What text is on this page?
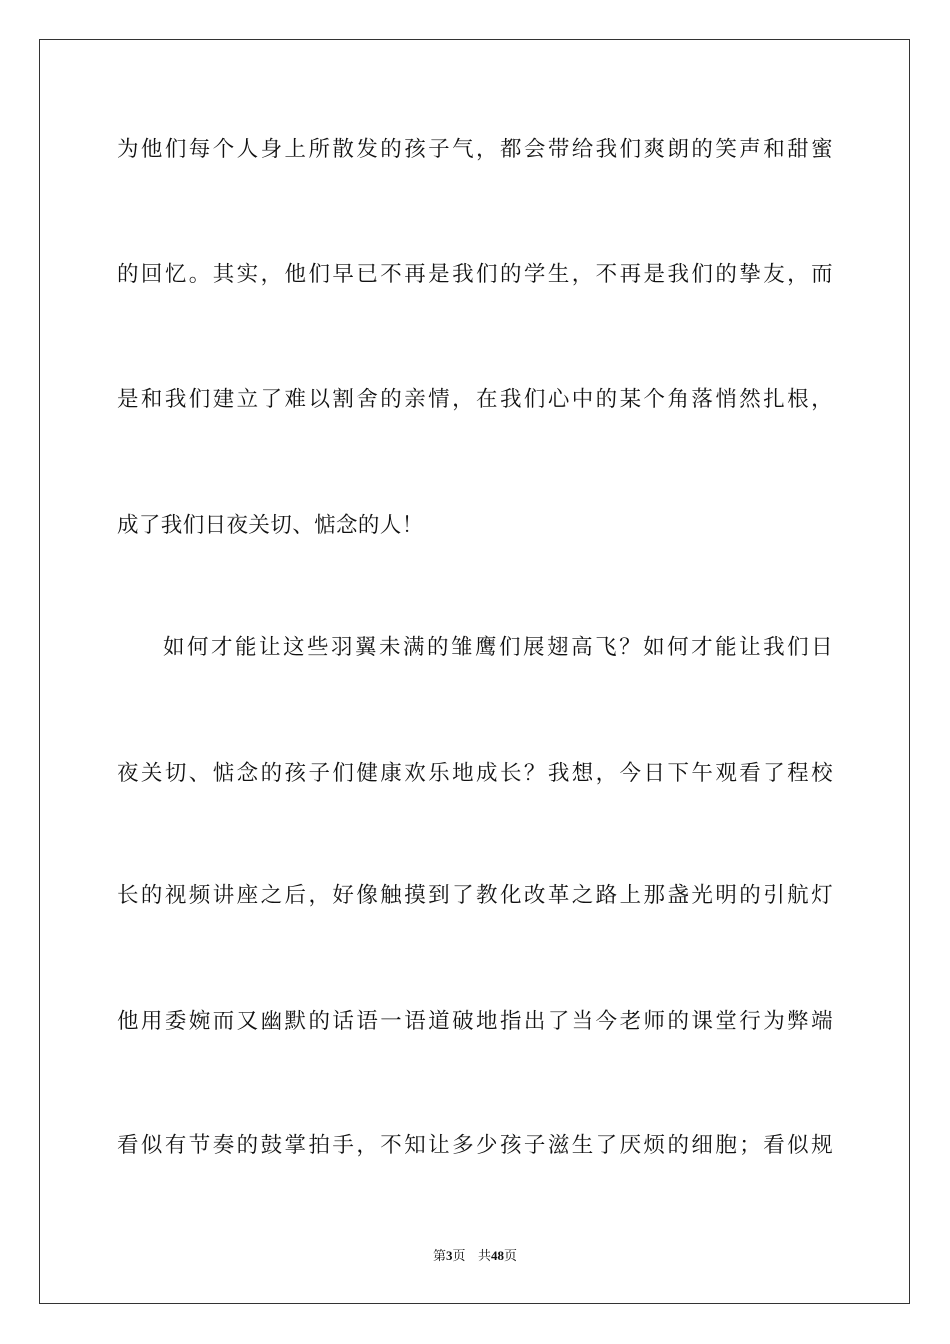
为他们每个人身上所散发的孩子气，都会带给我们爽朗的笑声和甜蜜
的回忆。其实，他们早已不再是我们的学生，不再是我们的挚友，而
是和我们建立了难以割舍的亲情，在我们心中的某个角落悄然扎根，
成了我们日夜关切、惦念的人！
如何才能让这些羽翼未满的雏鹰们展翅高飞？如何才能让我们日
夜关切、惦念的孩子们健康欢乐地成长？我想，今日下午观看了程校
长的视频讲座之后，好像触摸到了教化改革之路上那盏光明的引航灯
他用委婉而又幽默的话语一语道破地指出了当今老师的课堂行为弊端
看似有节奏的鼓掌拍手，不知让多少孩子滋生了厌烦的细胞；看似规
第3页 共48页
